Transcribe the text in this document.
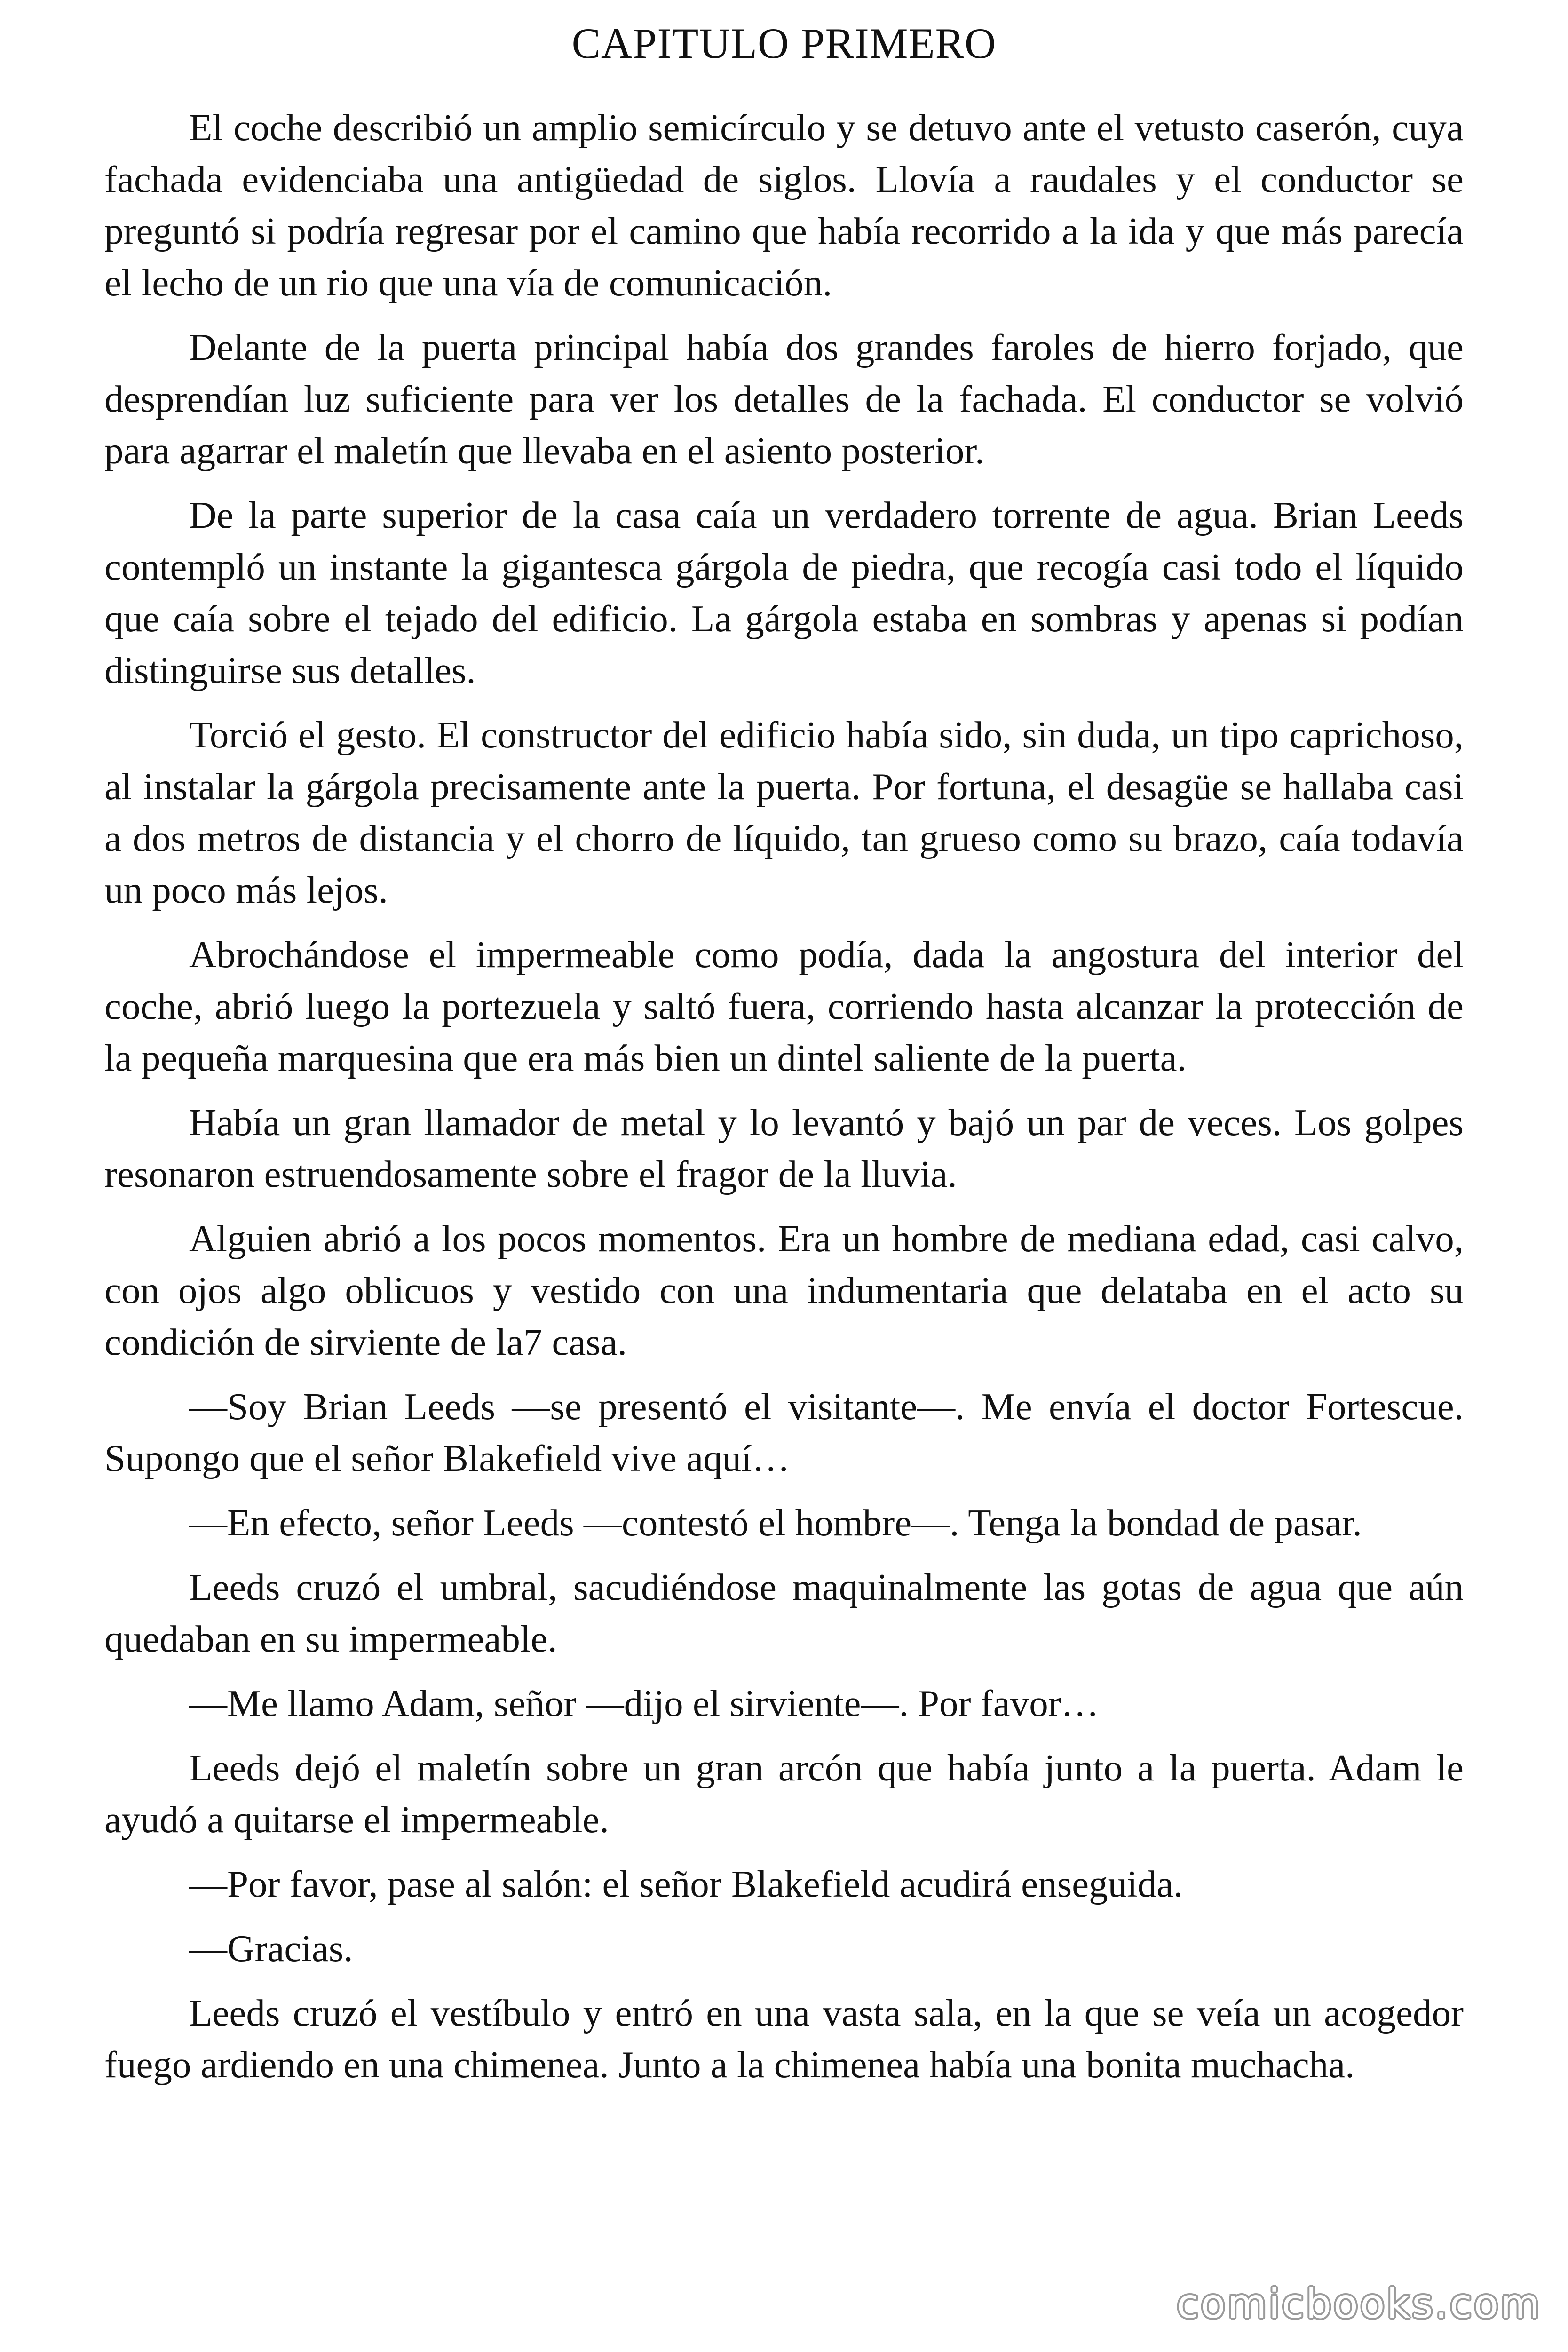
CAPITULO PRIMERO

El coche describió un amplio semicírculo y se detuvo ante el vetusto caserón, cuya fachada evidenciaba una antigüedad de siglos. Llovía a raudales y el conductor se preguntó si podría regresar por el camino que había recorrido a la ida y que más parecía el lecho de un rio que una vía de comunicación.

Delante de la puerta principal había dos grandes faroles de hierro forjado, que desprendían luz suficiente para ver los detalles de la fachada. El conductor se volvió para agarrar el maletín que llevaba en el asiento posterior.

De la parte superior de la casa caía un verdadero torrente de agua. Brian Leeds contempló un instante la gigantesca gárgola de piedra, que recogía casi todo el líquido que caía sobre el tejado del edificio. La gárgola estaba en sombras y apenas si podían distinguirse sus detalles.

Torció el gesto. El constructor del edificio había sido, sin duda, un tipo caprichoso, al instalar la gárgola precisamente ante la puerta. Por fortuna, el desagüe se hallaba casi a dos metros de distancia y el chorro de líquido, tan grueso como su brazo, caía todavía un poco más lejos.

Abrochándose el impermeable como podía, dada la angostura del interior del coche, abrió luego la portezuela y saltó fuera, corriendo hasta alcanzar la protección de la pequeña marquesina que era más bien un dintel saliente de la puerta.

Había un gran llamador de metal y lo levantó y bajó un par de veces. Los golpes resonaron estruendosamente sobre el fragor de la lluvia.

Alguien abrió a los pocos momentos. Era un hombre de mediana edad, casi calvo, con ojos algo oblicuos y vestido con una indumentaria que delataba en el acto su condición de sirviente de la7 casa.

—Soy Brian Leeds —se presentó el visitante—. Me envía el doctor Fortescue. Supongo que el señor Blakefield vive aquí…

—En efecto, señor Leeds —contestó el hombre—. Tenga la bondad de pasar.

Leeds cruzó el umbral, sacudiéndose maquinalmente las gotas de agua que aún quedaban en su impermeable.

—Me llamo Adam, señor —dijo el sirviente—. Por favor…

Leeds dejó el maletín sobre un gran arcón que había junto a la puerta. Adam le ayudó a quitarse el impermeable.

—Por favor, pase al salón: el señor Blakefield acudirá enseguida.

—Gracias.

Leeds cruzó el vestíbulo y entró en una vasta sala, en la que se veía un acogedor fuego ardiendo en una chimenea. Junto a la chimenea había una bonita muchacha.

comicbooks.com
